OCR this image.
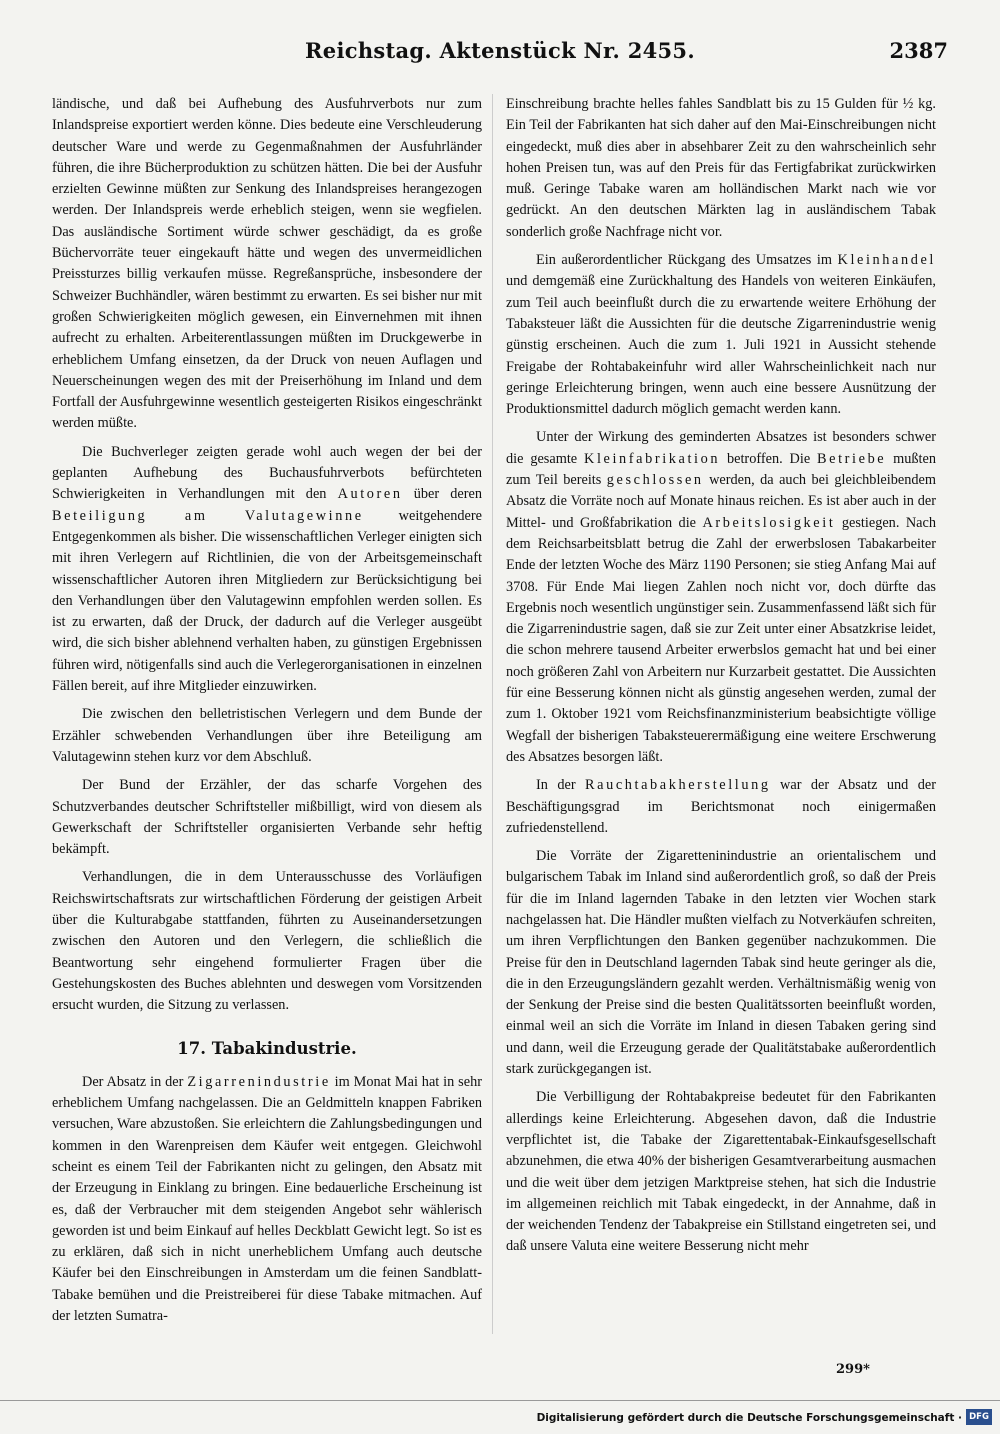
Reichstag. Aktenstück Nr. 2455.	2387

ländische, und daß bei Aufhebung des Ausfuhrverbots nur zum Inlandspreise exportiert werden könne. Dies bedeute eine Verschleuderung deutscher Ware und werde zu Gegenmaßnahmen der Ausfuhrländer führen, die ihre Bücherproduktion zu schützen hätten. Die bei der Ausfuhr erzielten Gewinne müßten zur Senkung des Inlandspreises herangezogen werden. Der Inlandspreis werde erheblich steigen, wenn sie wegfielen. Das ausländische Sortiment würde schwer geschädigt, da es große Büchervorräte teuer eingekauft hätte und wegen des unvermeidlichen Preissturzes billig verkaufen müsse. Regreßansprüche, insbesondere der Schweizer Buchhändler, wären bestimmt zu erwarten. Es sei bisher nur mit großen Schwierigkeiten möglich gewesen, ein Einvernehmen mit ihnen aufrecht zu erhalten. Arbeiterentlassungen müßten im Druckgewerbe in erheblichem Umfang einsetzen, da der Druck von neuen Auflagen und Neuerscheinungen wegen des mit der Preiserhöhung im Inland und dem Fortfall der Ausfuhrgewinne wesentlich gesteigerten Risikos eingeschränkt werden müßte.

Die Buchverleger zeigten gerade wohl auch wegen der bei der geplanten Aufhebung des Buchausfuhrverbots befürchteten Schwierigkeiten in Verhandlungen mit den Autoren über deren Beteiligung am Valutagewinne weitgehendere Entgegenkommen als bisher. Die wissenschaftlichen Verleger einigten sich mit ihren Verlegern auf Richtlinien, die von der Arbeitsgemeinschaft wissenschaftlicher Autoren ihren Mitgliedern zur Berücksichtigung bei den Verhandlungen über den Valutagewinn empfohlen werden sollen. Es ist zu erwarten, daß der Druck, der dadurch auf die Verleger ausgeübt wird, die sich bisher ablehnend verhalten haben, zu günstigen Ergebnissen führen wird, nötigenfalls sind auch die Verlegerorganisationen in einzelnen Fällen bereit, auf ihre Mitglieder einzuwirken.

Die zwischen den belletristischen Verlegern und dem Bunde der Erzähler schwebenden Verhandlungen über ihre Beteiligung am Valutagewinn stehen kurz vor dem Abschluß.

Der Bund der Erzähler, der das scharfe Vorgehen des Schutzverbandes deutscher Schriftsteller mißbilligt, wird von diesem als Gewerkschaft der Schriftsteller organisierten Verbande sehr heftig bekämpft.

Verhandlungen, die in dem Unterausschusse des Vorläufigen Reichswirtschaftsrats zur wirtschaftlichen Förderung der geistigen Arbeit über die Kulturabgabe stattfanden, führten zu Auseinandersetzungen zwischen den Autoren und den Verlegern, die schließlich die Beantwortung sehr eingehend formulierter Fragen über die Gestehungskosten des Buches ablehnten und deswegen vom Vorsitzenden ersucht wurden, die Sitzung zu verlassen.

17. Tabakindustrie.

Der Absatz in der Zigarrenindustrie im Monat Mai hat in sehr erheblichem Umfang nachgelassen. Die an Geldmitteln knappen Fabriken versuchen, Ware abzustoßen. Sie erleichtern die Zahlungsbedingungen und kommen in den Warenpreisen dem Käufer weit entgegen. Gleichwohl scheint es einem Teil der Fabrikanten nicht zu gelingen, den Absatz mit der Erzeugung in Einklang zu bringen. Eine bedauerliche Erscheinung ist es, daß der Verbraucher mit dem steigenden Angebot sehr wählerisch geworden ist und beim Einkauf auf helles Deckblatt Gewicht legt. So ist es zu erklären, daß sich in nicht unerheblichem Umfang auch deutsche Käufer bei den Einschreibungen in Amsterdam um die feinen Sandblatt-Tabake bemühen und die Preistreiberei für diese Tabake mitmachen. Auf der letzten Sumatra-

Einschreibung brachte helles fahles Sandblatt bis zu 15 Gulden für ½ kg. Ein Teil der Fabrikanten hat sich daher auf den Mai-Einschreibungen nicht eingedeckt, muß dies aber in absehbarer Zeit zu den wahrscheinlich sehr hohen Preisen tun, was auf den Preis für das Fertigfabrikat zurückwirken muß. Geringe Tabake waren am holländischen Markt nach wie vor gedrückt. An den deutschen Märkten lag in ausländischem Tabak sonderlich große Nachfrage nicht vor.

Ein außerordentlicher Rückgang des Umsatzes im Kleinhandel und demgemäß eine Zurückhaltung des Handels von weiteren Einkäufen, zum Teil auch beeinflußt durch die zu erwartende weitere Erhöhung der Tabaksteuer läßt die Aussichten für die deutsche Zigarrenindustrie wenig günstig erscheinen. Auch die zum 1. Juli 1921 in Aussicht stehende Freigabe der Rohtabakeinfuhr wird aller Wahrscheinlichkeit nach nur geringe Erleichterung bringen, wenn auch eine bessere Ausnützung der Produktionsmittel dadurch möglich gemacht werden kann.

Unter der Wirkung des geminderten Absatzes ist besonders schwer die gesamte Kleinfabrikation betroffen. Die Betriebe mußten zum Teil bereits geschlossen werden, da auch bei gleichbleibendem Absatz die Vorräte noch auf Monate hinaus reichen. Es ist aber auch in der Mittel- und Großfabrikation die Arbeitslosigkeit gestiegen. Nach dem Reichsarbeitsblatt betrug die Zahl der erwerbslosen Tabakarbeiter Ende der letzten Woche des März 1190 Personen; sie stieg Anfang Mai auf 3708. Für Ende Mai liegen Zahlen noch nicht vor, doch dürfte das Ergebnis noch wesentlich ungünstiger sein. Zusammenfassend läßt sich für die Zigarrenindustrie sagen, daß sie zur Zeit unter einer Absatzkrise leidet, die schon mehrere tausend Arbeiter erwerbslos gemacht hat und bei einer noch größeren Zahl von Arbeitern nur Kurzarbeit gestattet. Die Aussichten für eine Besserung können nicht als günstig angesehen werden, zumal der zum 1. Oktober 1921 vom Reichsfinanzministerium beabsichtigte völlige Wegfall der bisherigen Tabaksteuerermäßigung eine weitere Erschwerung des Absatzes besorgen läßt.

In der Rauchtabakherstellung war der Absatz und der Beschäftigungsgrad im Berichtsmonat noch einigermaßen zufriedenstellend.

Die Vorräte der Zigaretteninindustrie an orientalischem und bulgarischem Tabak im Inland sind außerordentlich groß, so daß der Preis für die im Inland lagernden Tabake in den letzten vier Wochen stark nachgelassen hat. Die Händler mußten vielfach zu Notverkäufen schreiten, um ihren Verpflichtungen den Banken gegenüber nachzukommen. Die Preise für den in Deutschland lagernden Tabak sind heute geringer als die, die in den Erzeugungsländern gezahlt werden. Verhältnismäßig wenig von der Senkung der Preise sind die besten Qualitätssorten beeinflußt worden, einmal weil an sich die Vorräte im Inland in diesen Tabaken gering sind und dann, weil die Erzeugung gerade der Qualitätstabake außerordentlich stark zurückgegangen ist.

Die Verbilligung der Rohtabakpreise bedeutet für den Fabrikanten allerdings keine Erleichterung. Abgesehen davon, daß die Industrie verpflichtet ist, die Tabake der Zigarettentabak-Einkaufsgesellschaft abzunehmen, die etwa 40% der bisherigen Gesamtverarbeitung ausmachen und die weit über dem jetzigen Marktpreise stehen, hat sich die Industrie im allgemeinen reichlich mit Tabak eingedeckt, in der Annahme, daß in der weichenden Tendenz der Tabakpreise ein Stillstand eingetreten sei, und daß unsere Valuta eine weitere Besserung nicht mehr

299*
Digitalisierung gefördert durch die Deutsche Forschungsgemeinschaft · DFG
